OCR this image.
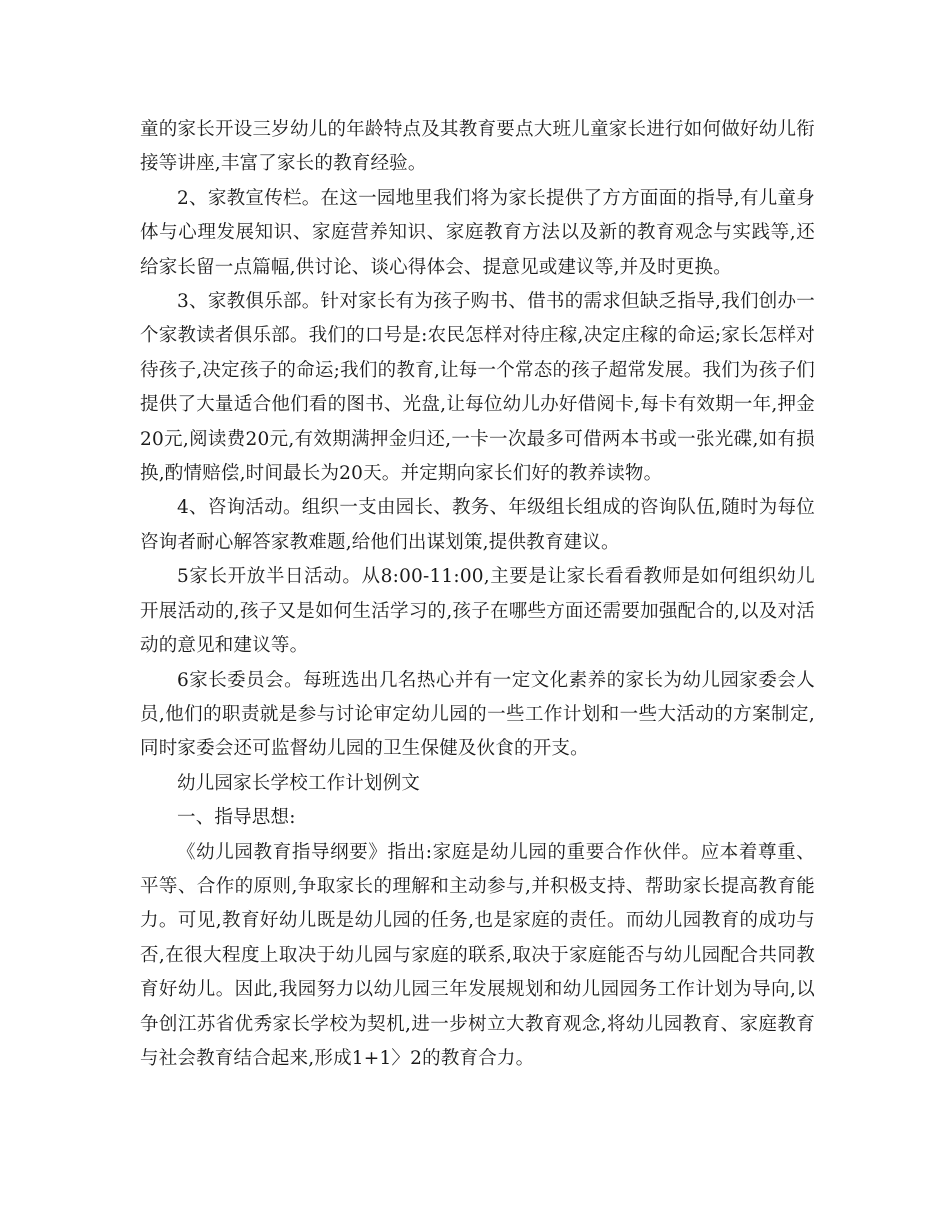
童的家长开设三岁幼儿的年龄特点及其教育要点大班儿童家长进行如何做好幼儿衔接等讲座,丰富了家长的教育经验。

2、家教宣传栏。在这一园地里我们将为家长提供了方方面面的指导,有儿童身体与心理发展知识、家庭营养知识、家庭教育方法以及新的教育观念与实践等,还给家长留一点篇幅,供讨论、谈心得体会、提意见或建议等,并及时更换。

3、家教俱乐部。针对家长有为孩子购书、借书的需求但缺乏指导,我们创办一个家教读者俱乐部。我们的口号是:农民怎样对待庄稼,决定庄稼的命运;家长怎样对待孩子,决定孩子的命运;我们的教育,让每一个常态的孩子超常发展。我们为孩子们提供了大量适合他们看的图书、光盘,让每位幼儿办好借阅卡,每卡有效期一年,押金20元,阅读费20元,有效期满押金归还,一卡一次最多可借两本书或一张光碟,如有损换,酌情赔偿,时间最长为20天。并定期向家长们好的教养读物。

4、咨询活动。组织一支由园长、教务、年级组长组成的咨询队伍,随时为每位咨询者耐心解答家教难题,给他们出谋划策,提供教育建议。

5家长开放半日活动。从8:00-11:00,主要是让家长看看教师是如何组织幼儿开展活动的,孩子又是如何生活学习的,孩子在哪些方面还需要加强配合的,以及对活动的意见和建议等。

6家长委员会。每班选出几名热心并有一定文化素养的家长为幼儿园家委会人员,他们的职责就是参与讨论审定幼儿园的一些工作计划和一些大活动的方案制定,同时家委会还可监督幼儿园的卫生保健及伙食的开支。

幼儿园家长学校工作计划例文

一、指导思想:

《幼儿园教育指导纲要》指出:家庭是幼儿园的重要合作伙伴。应本着尊重、平等、合作的原则,争取家长的理解和主动参与,并积极支持、帮助家长提高教育能力。可见,教育好幼儿既是幼儿园的任务,也是家庭的责任。而幼儿园教育的成功与否,在很大程度上取决于幼儿园与家庭的联系,取决于家庭能否与幼儿园配合共同教育好幼儿。因此,我园努力以幼儿园三年发展规划和幼儿园园务工作计划为导向,以争创江苏省优秀家长学校为契机,进一步树立大教育观念,将幼儿园教育、家庭教育与社会教育结合起来,形成1+1〉2的教育合力。
